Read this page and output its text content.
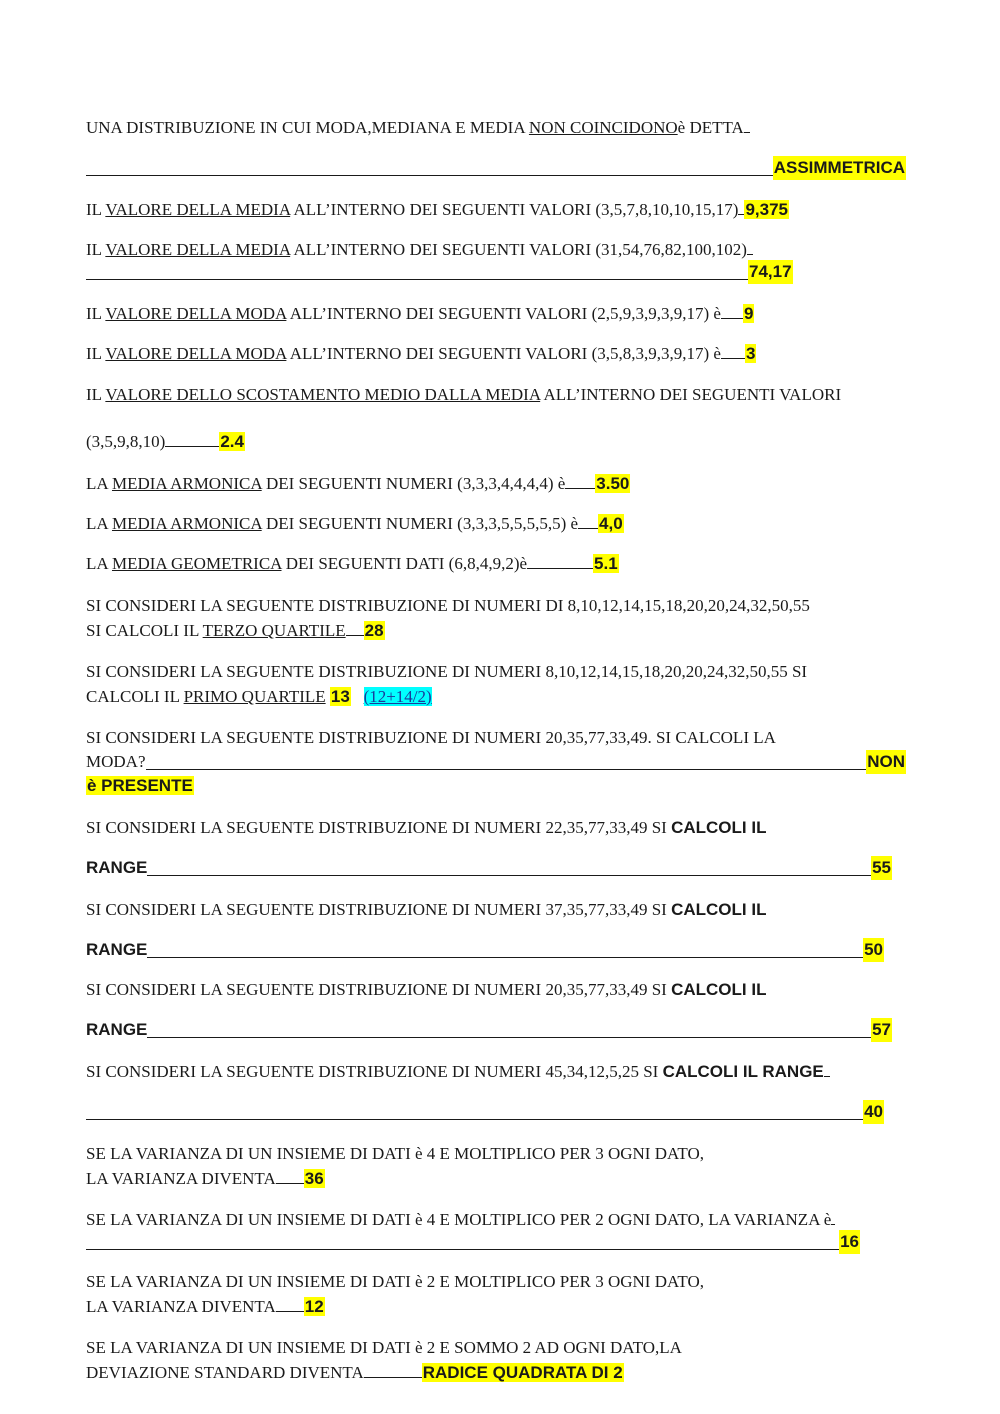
UNA DISTRIBUZIONE IN CUI MODA,MEDIANA E MEDIA NON COINCIDONOè DETTA
ASSIMMETRICA
IL VALORE DELLA MEDIA ALL’INTERNO DEI SEGUENTI VALORI (3,5,7,8,10,10,15,17) 9,375
IL VALORE DELLA MEDIA ALL’INTERNO DEI SEGUENTI VALORI (31,54,76,82,100,102)
74,17
IL VALORE DELLA MODA ALL’INTERNO DEI SEGUENTI VALORI (2,5,9,3,9,3,9,17) è 9
IL VALORE DELLA MODA ALL’INTERNO DEI SEGUENTI VALORI (3,5,8,3,9,3,9,17) è 3
IL VALORE DELLO SCOSTAMENTO MEDIO DALLA MEDIA ALL’INTERNO DEI SEGUENTI VALORI
(3,5,9,8,10)	2.4
LA MEDIA ARMONICA DEI SEGUENTI NUMERI (3,3,3,4,4,4,4) è 3.50
LA MEDIA ARMONICA DEI SEGUENTI NUMERI (3,3,3,5,5,5,5,5) è 4,0
LA MEDIA GEOMETRICA DEI SEGUENTI DATI (6,8,4,9,2)è	5.1
SI CONSIDERI LA SEGUENTE DISTRIBUZIONE DI NUMERI DI 8,10,12,14,15,18,20,20,24,32,50,55
SI CALCOLI IL TERZO QUARTILE 28
SI CONSIDERI LA SEGUENTE DISTRIBUZIONE DI NUMERI 8,10,12,14,15,18,20,20,24,32,50,55 SI
CALCOLI IL PRIMO QUARTILE 13 (12+14/2)
SI CONSIDERI LA SEGUENTE DISTRIBUZIONE DI NUMERI 20,35,77,33,49. SI CALCOLI LA
MODA?	NON
è PRESENTE
SI CONSIDERI LA SEGUENTE DISTRIBUZIONE DI NUMERI 22,35,77,33,49 SI CALCOLI IL
RANGE	55
SI CONSIDERI LA SEGUENTE DISTRIBUZIONE DI NUMERI 37,35,77,33,49 SI CALCOLI IL
RANGE	50
SI CONSIDERI LA SEGUENTE DISTRIBUZIONE DI NUMERI 20,35,77,33,49 SI CALCOLI IL
RANGE	57
SI CONSIDERI LA SEGUENTE DISTRIBUZIONE DI NUMERI 45,34,12,5,25 SI CALCOLI IL RANGE
40
SE LA VARIANZA DI UN INSIEME DI DATI è 4 E MOLTIPLICO PER 3 OGNI DATO,
LA VARIANZA DIVENTA 36
SE LA VARIANZA DI UN INSIEME DI DATI è 4 E MOLTIPLICO PER 2 OGNI DATO, LA VARIANZA è
16
SE LA VARIANZA DI UN INSIEME DI DATI è 2 E MOLTIPLICO PER 3 OGNI DATO,
LA VARIANZA DIVENTA 12
SE LA VARIANZA DI UN INSIEME DI DATI è 2 E SOMMO 2 AD OGNI DATO,LA
DEVIAZIONE STANDARD DIVENTA	RADICE QUADRATA DI 2
